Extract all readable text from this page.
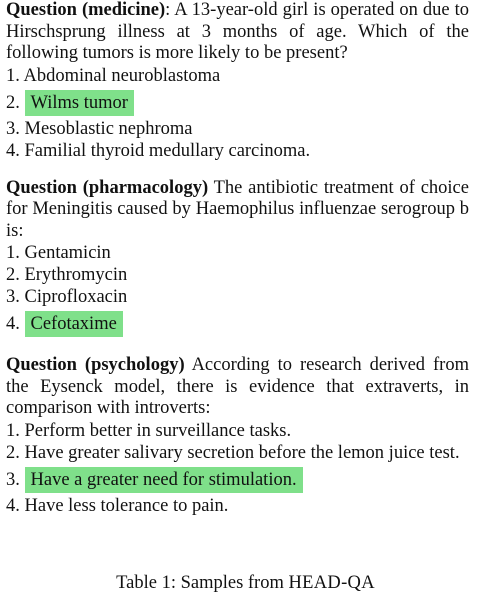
Question (medicine): A 13-year-old girl is operated on due to Hirschsprung illness at 3 months of age. Which of the following tumors is more likely to be present?

1. Abdominal neuroblastoma

2. Wilms tumor

3. Mesoblastic nephroma

4. Familial thyroid medullary carcinoma.

Question (pharmacology) The antibiotic treatment of choice for Meningitis caused by Haemophilus influenzae serogroup b is:

1. Gentamicin

2. Erythromycin

3. Ciprofloxacin

4. Cefotaxime

Question (psychology) According to research derived from the Eysenck model, there is evidence that extraverts, in comparison with introverts:

1. Perform better in surveillance tasks.

2. Have greater salivary secretion before the lemon juice test.

3. Have a greater need for stimulation.

4. Have less tolerance to pain.

Table 1: Samples from HEAD-QA
